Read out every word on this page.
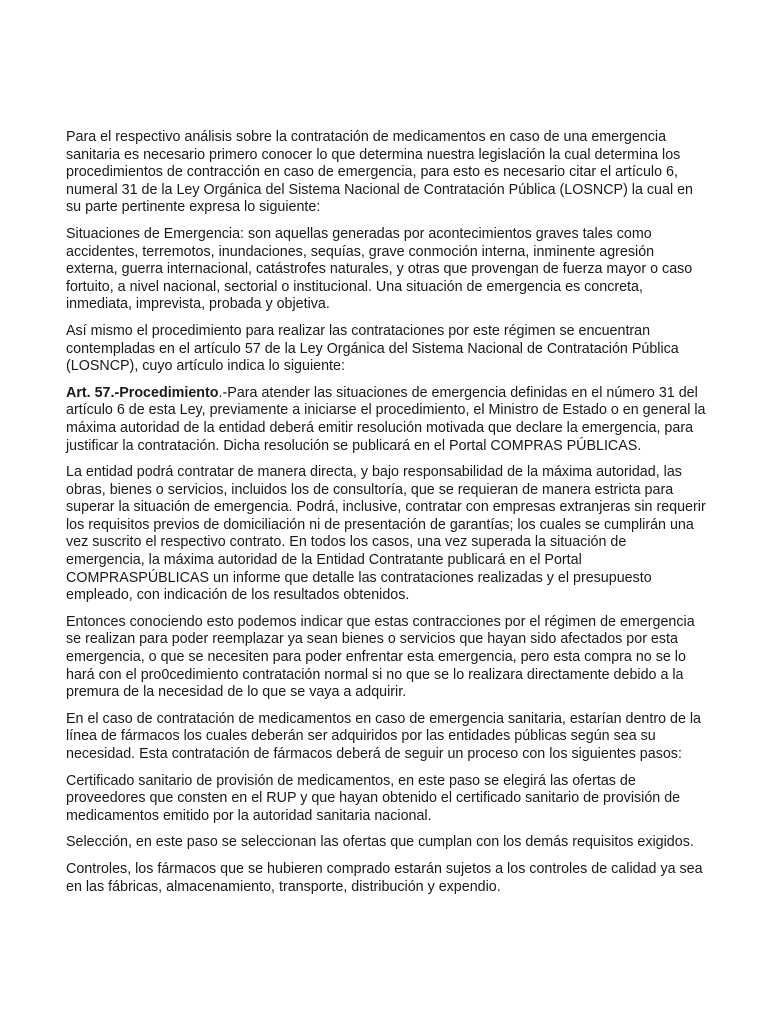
Para el respectivo análisis sobre la contratación de medicamentos en caso de una emergencia sanitaria es necesario primero conocer lo que determina nuestra legislación la cual determina los procedimientos de contracción en caso de emergencia, para esto es necesario citar el artículo 6, numeral 31 de la Ley Orgánica del Sistema Nacional de Contratación Pública (LOSNCP) la cual en su parte pertinente expresa lo siguiente:

Situaciones de Emergencia: son aquellas generadas por acontecimientos graves tales como accidentes, terremotos, inundaciones, sequías, grave conmoción interna, inminente agresión externa, guerra internacional, catástrofes naturales, y otras que provengan de fuerza mayor o caso fortuito, a nivel nacional, sectorial o institucional. Una situación de emergencia es concreta, inmediata, imprevista, probada y objetiva.

Así mismo el procedimiento para realizar las contrataciones por este régimen se encuentran contempladas en el artículo 57 de la Ley Orgánica del Sistema Nacional de Contratación Pública (LOSNCP), cuyo artículo indica lo siguiente:

Art. 57.-Procedimiento.-Para atender las situaciones de emergencia definidas en el número 31 del artículo 6 de esta Ley, previamente a iniciarse el procedimiento, el Ministro de Estado o en general la máxima autoridad de la entidad deberá emitir resolución motivada que declare la emergencia, para justificar la contratación. Dicha resolución se publicará en el Portal COMPRAS PÚBLICAS.

La entidad podrá contratar de manera directa, y bajo responsabilidad de la máxima autoridad, las obras, bienes o servicios, incluidos los de consultoría, que se requieran de manera estricta para superar la situación de emergencia. Podrá, inclusive, contratar con empresas extranjeras sin requerir los requisitos previos de domiciliación ni de presentación de garantías; los cuales se cumplirán una vez suscrito el respectivo contrato. En todos los casos, una vez superada la situación de emergencia, la máxima autoridad de la Entidad Contratante publicará en el Portal COMPRASPÚBLICAS un informe que detalle las contrataciones realizadas y el presupuesto empleado, con indicación de los resultados obtenidos.

Entonces conociendo esto podemos indicar que estas contracciones por el régimen de emergencia se realizan para poder reemplazar ya sean bienes o servicios que hayan sido afectados por esta emergencia, o que se necesiten para poder enfrentar esta emergencia, pero esta compra no se lo hará con el pro0cedimiento contratación normal si no que se lo realizara directamente debido a la premura de la necesidad de lo que se vaya a adquirir.

En el caso de contratación de medicamentos en caso de emergencia sanitaria, estarían dentro de la línea de fármacos los cuales deberán ser adquiridos por las entidades públicas según sea su necesidad. Esta contratación de fármacos deberá de seguir un proceso con los siguientes pasos:

Certificado sanitario de provisión de medicamentos, en este paso se elegirá las ofertas de proveedores que consten en el RUP y que hayan obtenido el certificado sanitario de provisión de medicamentos emitido por la autoridad sanitaria nacional.

Selección, en este paso se seleccionan las ofertas que cumplan con los demás requisitos exigidos.

Controles, los fármacos que se hubieren comprado estarán sujetos a los controles de calidad ya sea en las fábricas, almacenamiento, transporte, distribución y expendio.
